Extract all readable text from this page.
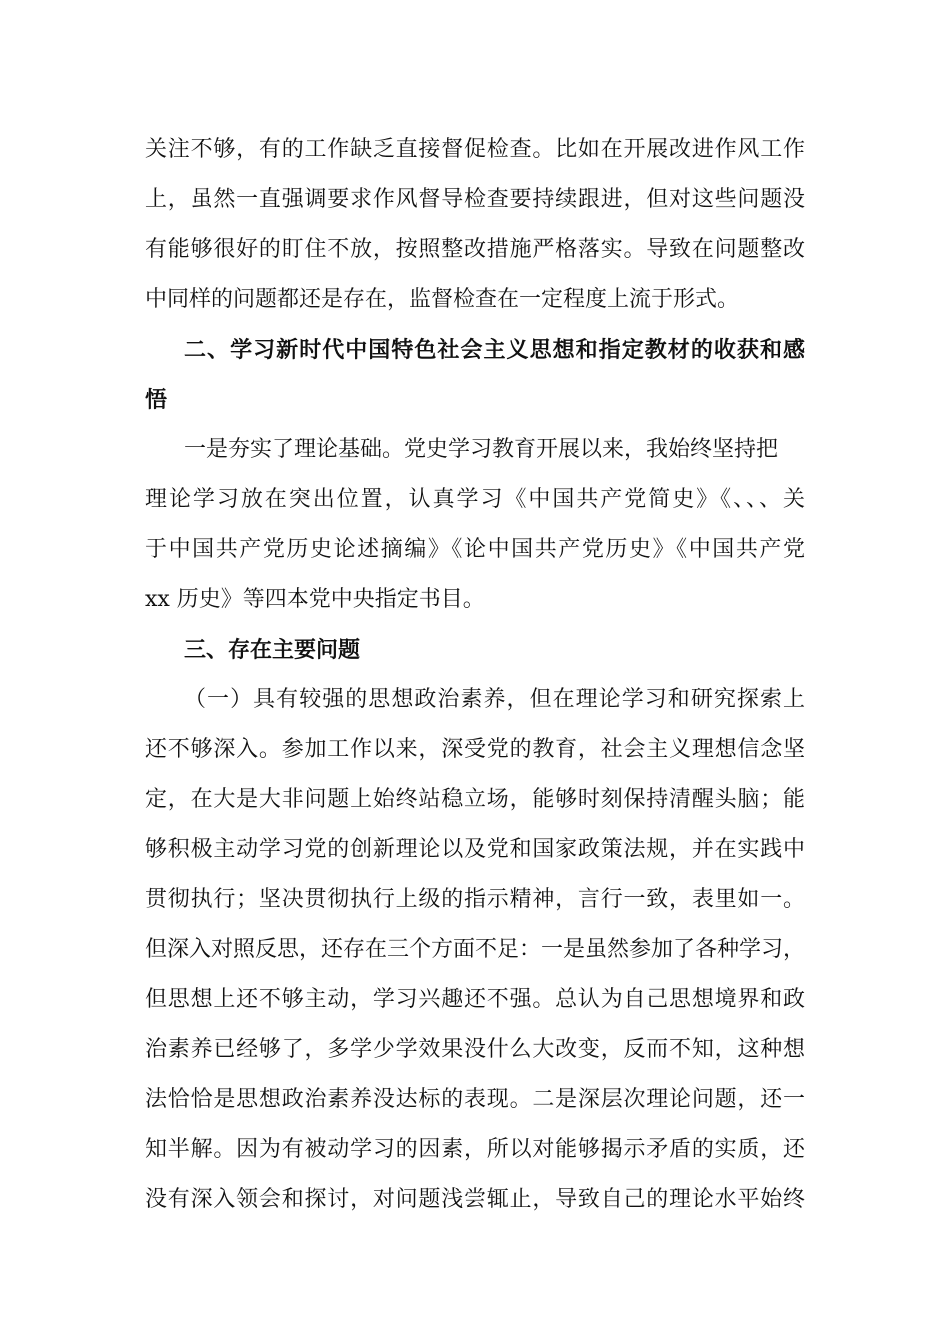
关注不够，有的工作缺乏直接督促检查。比如在开展改进作风工作
上，虽然一直强调要求作风督导检查要持续跟进，但对这些问题没
有能够很好的盯住不放，按照整改措施严格落实。导致在问题整改
中同样的问题都还是存在，监督检查在一定程度上流于形式。
二、学习新时代中国特色社会主义思想和指定教材的收获和感
悟
一是夯实了理论基础。党史学习教育开展以来，我始终坚持把
理论学习放在突出位置，认真学习《中国共产党简史》《、、、关
于中国共产党历史论述摘编》《论中国共产党历史》《中国共产党
xx 历史》等四本党中央指定书目。
三、存在主要问题
（一）具有较强的思想政治素养，但在理论学习和研究探索上
还不够深入。参加工作以来，深受党的教育，社会主义理想信念坚
定，在大是大非问题上始终站稳立场，能够时刻保持清醒头脑；能
够积极主动学习党的创新理论以及党和国家政策法规，并在实践中
贯彻执行；坚决贯彻执行上级的指示精神，言行一致，表里如一。
但深入对照反思，还存在三个方面不足：一是虽然参加了各种学习，
但思想上还不够主动，学习兴趣还不强。总认为自己思想境界和政
治素养已经够了，多学少学效果没什么大改变，反而不知，这种想
法恰恰是思想政治素养没达标的表现。二是深层次理论问题，还一
知半解。因为有被动学习的因素，所以对能够揭示矛盾的实质，还
没有深入领会和探讨，对问题浅尝辄止，导致自己的理论水平始终
